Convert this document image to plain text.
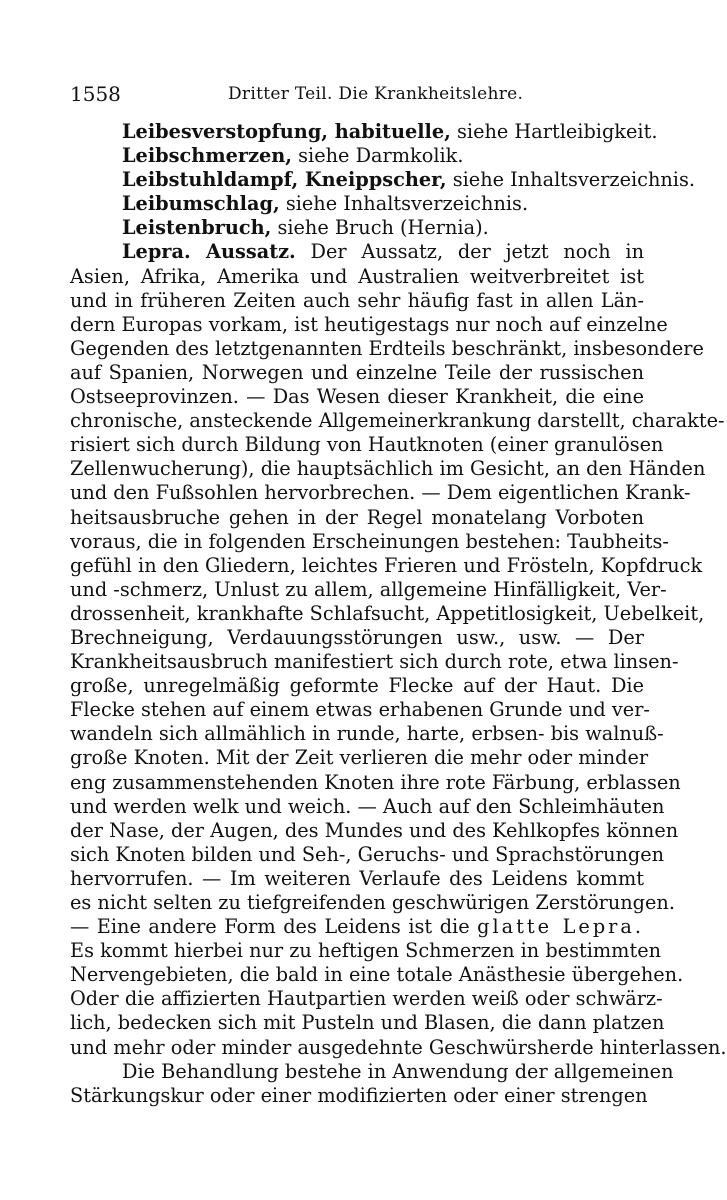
1558	Dritter Teil. Die Krankheitslehre.
Leibesverstopfung, habituelle, siehe Hartleibigkeit.
Leibschmerzen, siehe Darmkolik.
Leibstuhldampf, Kneippscher, siehe Inhaltsverzeichnis.
Leibumschlag, siehe Inhaltsverzeichnis.
Leistenbruch, siehe Bruch (Hernia).
Lepra. Aussatz. Der Aussatz, der jetzt noch in
Asien, Afrika, Amerika und Australien weitverbreitet ist
und in früheren Zeiten auch sehr häufig fast in allen Län-
dern Europas vorkam, ist heutigestags nur noch auf einzelne
Gegenden des letztgenannten Erdteils beschränkt, insbesondere
auf Spanien, Norwegen und einzelne Teile der russischen
Ostseeprovinzen. — Das Wesen dieser Krankheit, die eine
chronische, ansteckende Allgemeinerkrankung darstellt, charakte-
risiert sich durch Bildung von Hautknoten (einer granulösen
Zellenwucherung), die hauptsächlich im Gesicht, an den Händen
und den Fußsohlen hervorbrechen. — Dem eigentlichen Krank-
heitsausbruche gehen in der Regel monatelang Vorboten
voraus, die in folgenden Erscheinungen bestehen: Taubheits-
gefühl in den Gliedern, leichtes Frieren und Frösteln, Kopfdruck
und -schmerz, Unlust zu allem, allgemeine Hinfälligkeit, Ver-
drossenheit, krankhafte Schlafsucht, Appetitlosigkeit, Uebelkeit,
Brechneigung, Verdauungsstörungen usw., usw. — Der
Krankheitsausbruch manifestiert sich durch rote, etwa linsen-
große, unregelmäßig geformte Flecke auf der Haut. Die
Flecke stehen auf einem etwas erhabenen Grunde und ver-
wandeln sich allmählich in runde, harte, erbsen- bis walnuß-
große Knoten. Mit der Zeit verlieren die mehr oder minder
eng zusammenstehenden Knoten ihre rote Färbung, erblassen
und werden welk und weich. — Auch auf den Schleimhäuten
der Nase, der Augen, des Mundes und des Kehlkopfes können
sich Knoten bilden und Seh-, Geruchs- und Sprachstörungen
hervorrufen. — Im weiteren Verlaufe des Leidens kommt
es nicht selten zu tiefgreifenden geschwürigen Zerstörungen.
— Eine andere Form des Leidens ist die glatte Lepra.
Es kommt hierbei nur zu heftigen Schmerzen in bestimmten
Nervengebieten, die bald in eine totale Anästhesie übergehen.
Oder die affizierten Hautpartien werden weiß oder schwärz-
lich, bedecken sich mit Pusteln und Blasen, die dann platzen
und mehr oder minder ausgedehnte Geschwürsherde hinterlassen.
Die Behandlung bestehe in Anwendung der allgemeinen
Stärkungskur oder einer modifizierten oder einer strengen
